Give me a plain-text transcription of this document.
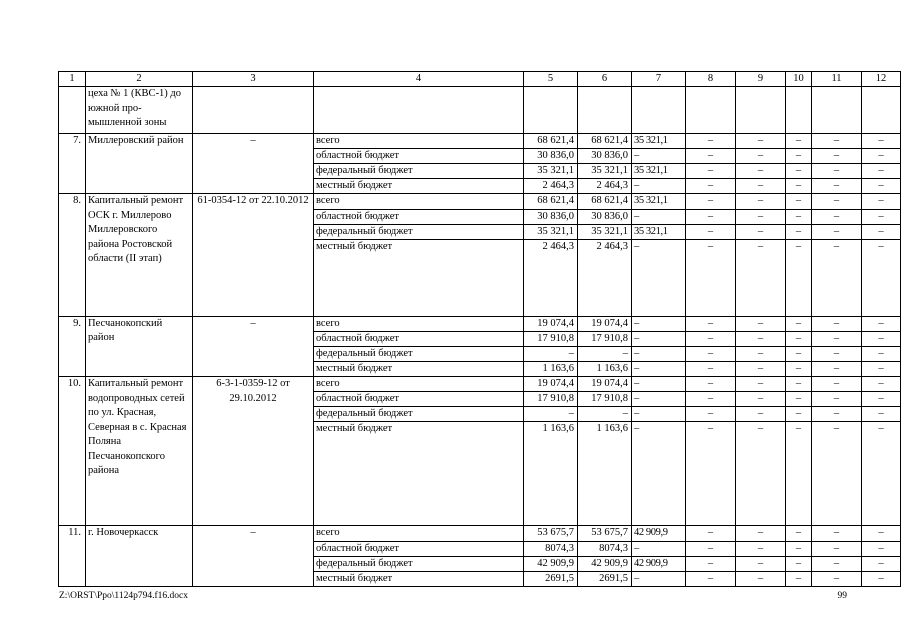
1	2	3	4	5	6	7	8	9	10	11	12
	цеха № 1 (КВС-1) до южной про-мышленной зоны										
7.	Миллеровский район	–	всего	68 621,4	68 621,4	35 321,1	–	–	–	–	–
			областной бюджет	30 836,0	30 836,0	–	–	–	–	–	–
			федеральный бюджет	35 321,1	35 321,1	35 321,1	–	–	–	–	–
			местный бюджет	2 464,3	2 464,3	–	–	–	–	–	–
8.	Капитальный ремонт ОСК г. Миллерово Миллеровского района Ростовской области (II этап)	61-0354-12 от 22.10.2012	всего	68 621,4	68 621,4	35 321,1	–	–	–	–	–
			областной бюджет	30 836,0	30 836,0	–	–	–	–	–	–
			федеральный бюджет	35 321,1	35 321,1	35 321,1	–	–	–	–	–
			местный бюджет	2 464,3	2 464,3	–	–	–	–	–	–
9.	Песчанокопский район	–	всего	19 074,4	19 074,4	–	–	–	–	–	–
			областной бюджет	17 910,8	17 910,8	–	–	–	–	–	–
			федеральный бюджет	–	–	–	–	–	–	–	–
			местный бюджет	1 163,6	1 163,6	–	–	–	–	–	–
10.	Капитальный ремонт водопроводных сетей по ул. Красная, Северная в с. Красная Поляна Песчанокопского района	6-3-1-0359-12 от 29.10.2012	всего	19 074,4	19 074,4	–	–	–	–	–	–
			областной бюджет	17 910,8	17 910,8	–	–	–	–	–	–
			федеральный бюджет	–	–	–	–	–	–	–	–
			местный бюджет	1 163,6	1 163,6	–	–	–	–	–	–
11.	г. Новочеркасск	–	всего	53 675,7	53 675,7	42 909,9	–	–	–	–	–
			областной бюджет	8074,3	8074,3	–	–	–	–	–	–
			федеральный бюджет	42 909,9	42 909,9	42 909,9	–	–	–	–	–
			местный бюджет	2691,5	2691,5	–	–	–	–	–	–
Z:\ORST\Ppo\1124p794.f16.docx	99
